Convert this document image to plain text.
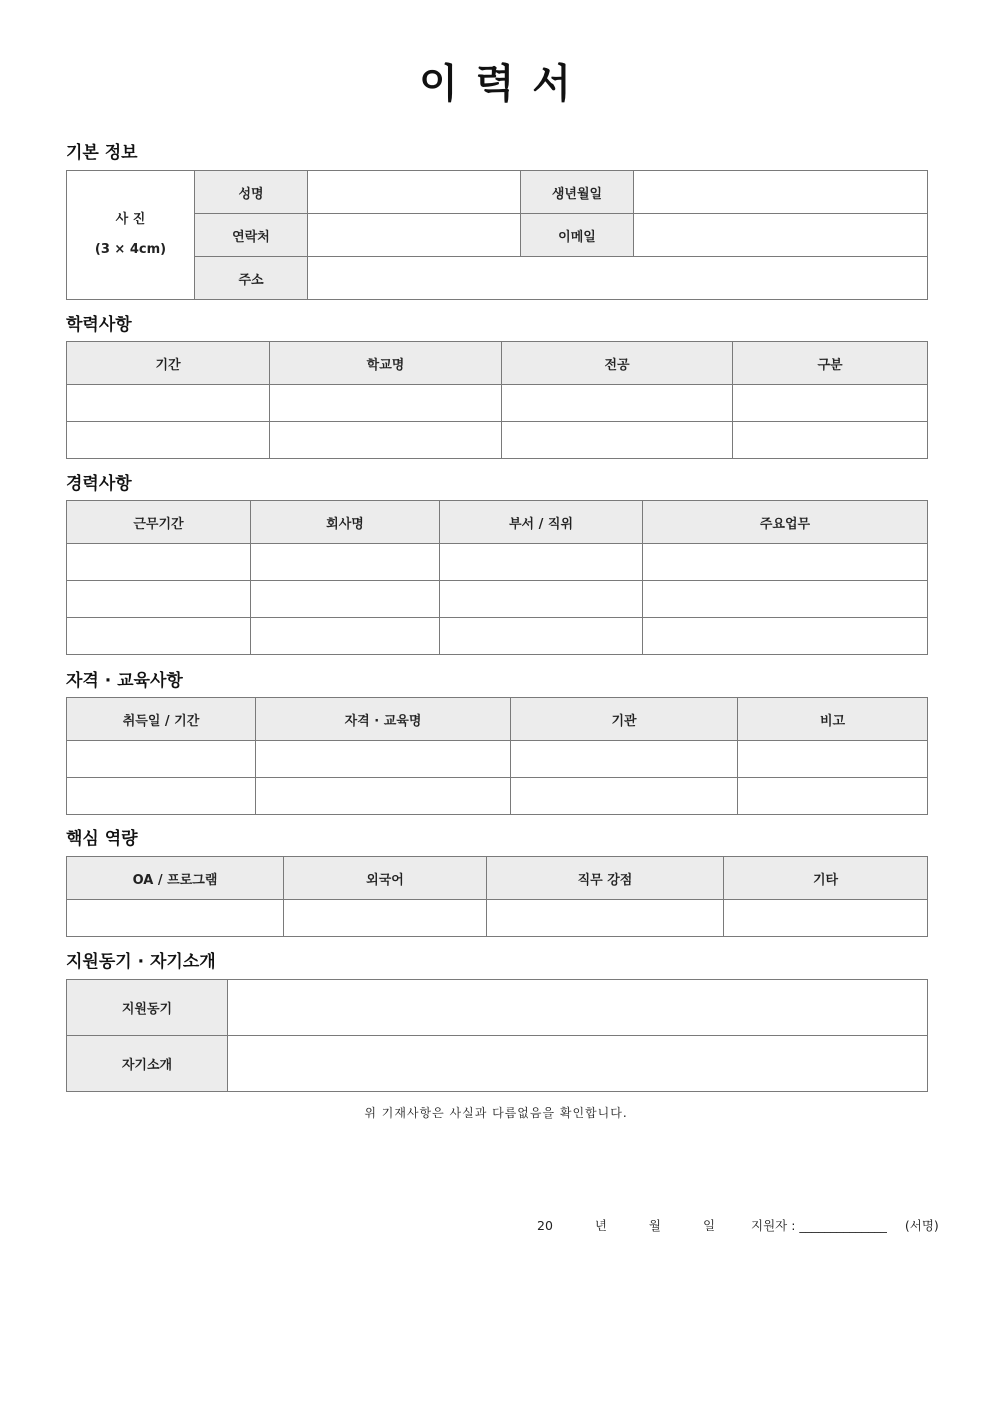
이 력 서
기본 정보
사 진
(3 × 4cm)	성명		생년월일	
	연락처		이메일	
	주소			
학력사항
기간	학교명	전공	구분

경력사항
근무기간	회사명	부서 / 직위	주요업무

자격 · 교육사항
취득일 / 기간	자격 · 교육명	기관	비고

핵심 역량
OA / 프로그램	외국어	직무 강점	기타

지원동기 · 자기소개
지원동기	
자기소개	
위 기재사항은 사실과 다름없음을 확인합니다.
20	년	월	일	지원자 : ______________ (서명)
